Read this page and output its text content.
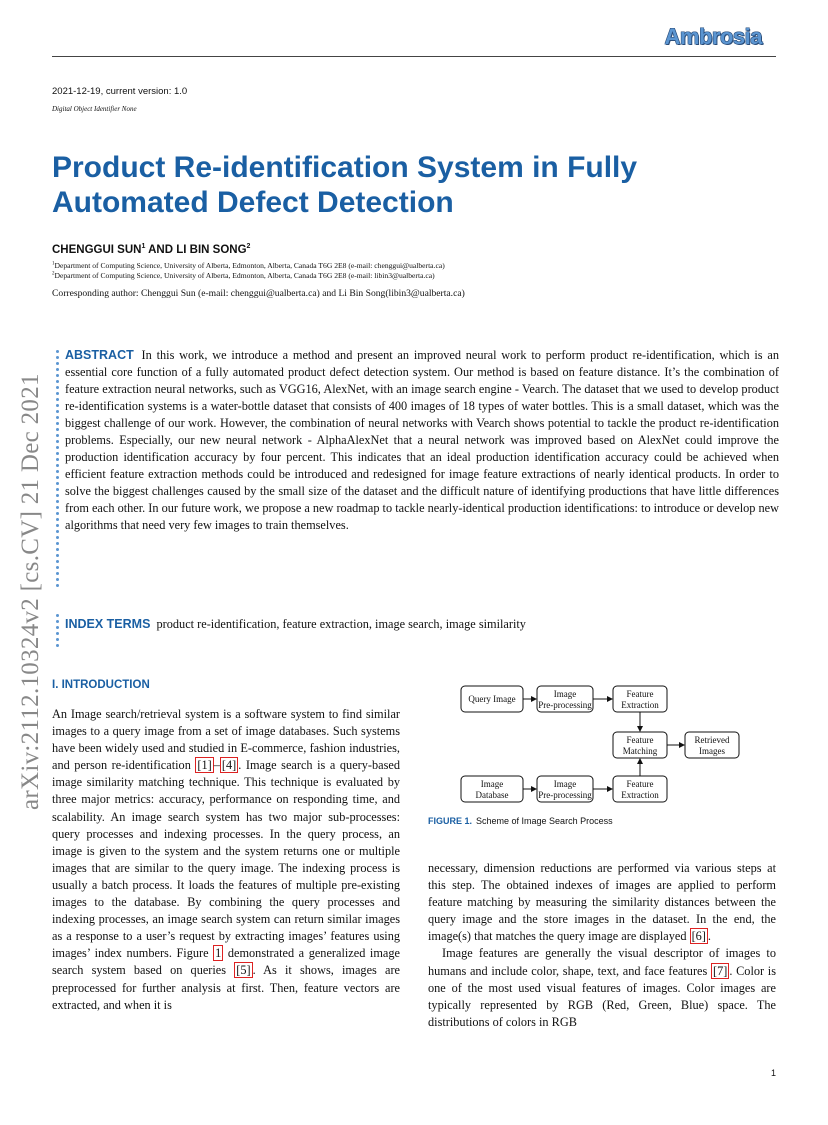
Ambrosia
2021-12-19, current version: 1.0
Digital Object Identifier None
arXiv:2112.10324v2 [cs.CV] 21 Dec 2021
Product Re-identification System in Fully
Automated Defect Detection
CHENGGUI SUN$^1$ AND LI BIN SONG$^2$
$^1$Department of Computing Science, University of Alberta, Edmonton, Alberta, Canada T6G 2E8 (e-mail: chenggui@ualberta.ca)
$^2$Department of Computing Science, University of Alberta, Edmonton, Alberta, Canada T6G 2E8 (e-mail: libin3@ualberta.ca)
Corresponding author: Chenggui Sun (e-mail: chenggui@ualberta.ca) and Li Bin Song(libin3@ualberta.ca)
ABSTRACT In this work, we introduce a method and present an improved neural work to perform product re-identification, which is an essential core function of a fully automated product defect detection system. Our method is based on feature distance. It’s the combination of feature extraction neural networks, such as VGG16, AlexNet, with an image search engine - Vearch. The dataset that we used to develop product re-identification systems is a water-bottle dataset that consists of 400 images of 18 types of water bottles. This is a small dataset, which was the biggest challenge of our work. However, the combination of neural networks with Vearch shows potential to tackle the product re-identification problems. Especially, our new neural network - AlphaAlexNet that a neural network was improved based on AlexNet could improve the production identification accuracy by four percent. This indicates that an ideal production identification accuracy could be achieved when efficient feature extraction methods could be introduced and redesigned for image feature extractions of nearly identical products. In order to solve the biggest challenges caused by the small size of the dataset and the difficult nature of identifying productions that have little differences from each other. In our future work, we propose a new roadmap to tackle nearly-identical production identifications: to introduce or develop new algorithms that need very few images to train themselves.
INDEX TERMS product re-identification, feature extraction, image search, image similarity
I. INTRODUCTION

An Image search/retrieval system is a software system to find similar images to a query image from a set of image databases. Such systems have been widely used and studied in E-commerce, fashion industries, and person re-identification [1] – [4] . Image search is a query-based image similarity matching technique. This technique is evaluated by three major metrics: accuracy, performance on responding time, and scalability. An image search system has two major sub-processes: query processes and indexing processes. In the query process, an image is given to the system and the system returns one or multiple images that are similar to the query image. The indexing process is usually a batch process. It loads the features of multiple pre-existing images to the database. By combining the query processes and indexing processes, an image search system can return similar images as a response to a user’s request by extracting images’ features using images’ index numbers. Figure 1 demonstrated a generalized image search system based on queries [5] . As it shows, images are preprocessed for further analysis at first. Then, feature vectors are extracted, and when it is

necessary, dimension reductions are performed via various steps at this step. The obtained indexes of images are applied to perform feature matching by measuring the similarity distances between the query image and the store images in the dataset. In the end, the image(s) that matches the query image are displayed [6] .

Image features are generally the visual descriptor of images to humans and include color, shape, text, and face features [7] . Color is one of the most used visual features of images. Color images are typically represented by RGB (Red, Green, Blue) space. The distributions of colors in RGB

Query Image	Image
Pre-processing
Feature
Extraction
Feature
Matching
Retrieved
Images
Image
Database
Image
Pre-processing
Feature
Extraction
FIGURE 1. Scheme of Image Search Process
1
